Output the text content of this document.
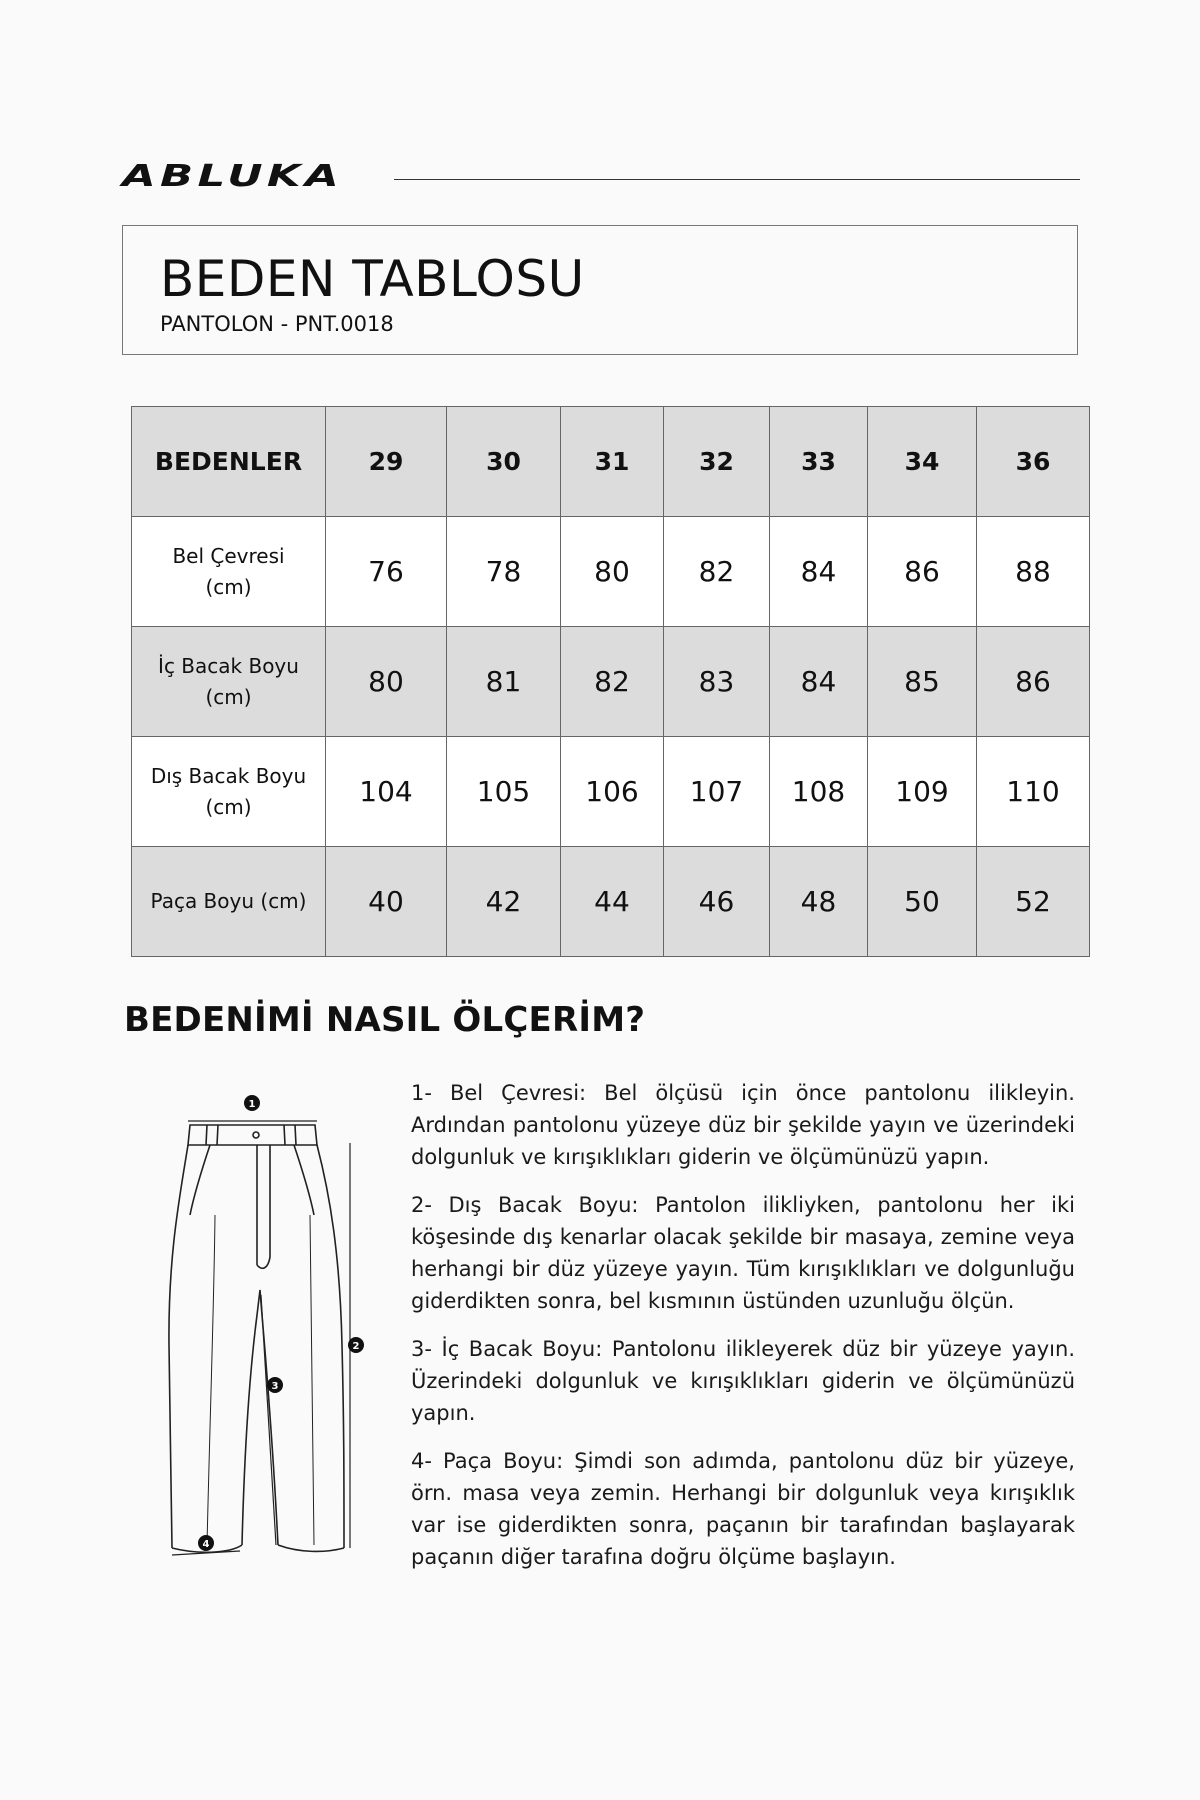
ABLUKA
BEDEN TABLOSU
PANTOLON - PNT.0018
BEDENLER	29	30	31	32	33	34	36
Bel Çevresi
(cm)	76	78	80	82	84	86	88
İç Bacak Boyu
(cm)	80	81	82	83	84	85	86
Dış Bacak Boyu
(cm)	104	105	106	107	108	109	110
Paça Boyu (cm)	40	42	44	46	48	50	52
BEDENİMİ NASIL ÖLÇERİM?
1
2
3
4

1- Bel Çevresi: Bel ölçüsü için önce pantolonu ilikleyin. Ardından pantolonu yüzeye düz bir şekilde yayın ve üzerindeki dolgunluk ve kırışıklıkları giderin ve ölçümünüzü yapın.

2- Dış Bacak Boyu: Pantolon ilikliyken, pantolonu her iki köşesinde dış kenarlar olacak şekilde bir masaya, zemine veya herhangi bir düz yüzeye yayın. Tüm kırışıklıkları ve dolgunluğu giderdikten sonra, bel kısmının üstünden uzunluğu ölçün.

3- İç Bacak Boyu: Pantolonu ilikleyerek düz bir yüzeye yayın. Üzerindeki dolgunluk ve kırışıklıkları giderin ve ölçümünüzü yapın.

4- Paça Boyu: Şimdi son adımda, pantolonu düz bir yüzeye, örn. masa veya zemin. Herhangi bir dolgunluk veya kırışıklık var ise giderdikten sonra, paçanın bir tarafından başlayarak paçanın diğer tarafına doğru ölçüme başlayın.
